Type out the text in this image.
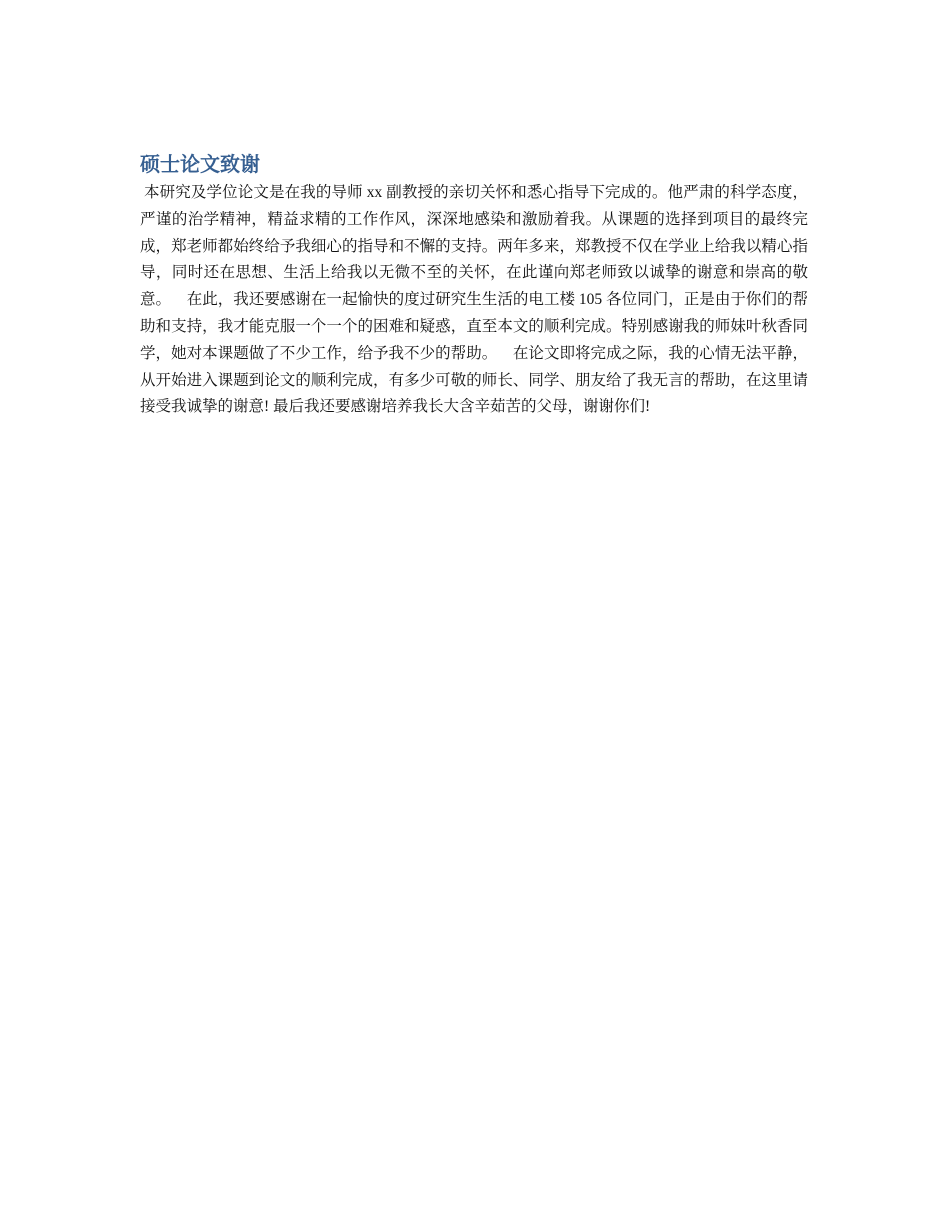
硕士论文致谢

本研究及学位论文是在我的导师 xx 副教授的亲切关怀和悉心指导下完成的。他严肃的科学态度，严谨的治学精神，精益求精的工作作风，深深地感染和激励着我。从课题的选择到项目的最终完成，郑老师都始终给予我细心的指导和不懈的支持。两年多来，郑教授不仅在学业上给我以精心指导，同时还在思想、生活上给我以无微不至的关怀，在此谨向郑老师致以诚挚的谢意和崇高的敬意。    在此，我还要感谢在一起愉快的度过研究生生活的电工楼 105 各位同门，正是由于你们的帮助和支持，我才能克服一个一个的困难和疑惑，直至本文的顺利完成。特别感谢我的师妹叶秋香同学，她对本课题做了不少工作，给予我不少的帮助。    在论文即将完成之际，我的心情无法平静，从开始进入课题到论文的顺利完成，有多少可敬的师长、同学、朋友给了我无言的帮助，在这里请接受我诚挚的谢意! 最后我还要感谢培养我长大含辛茹苦的父母，谢谢你们!
